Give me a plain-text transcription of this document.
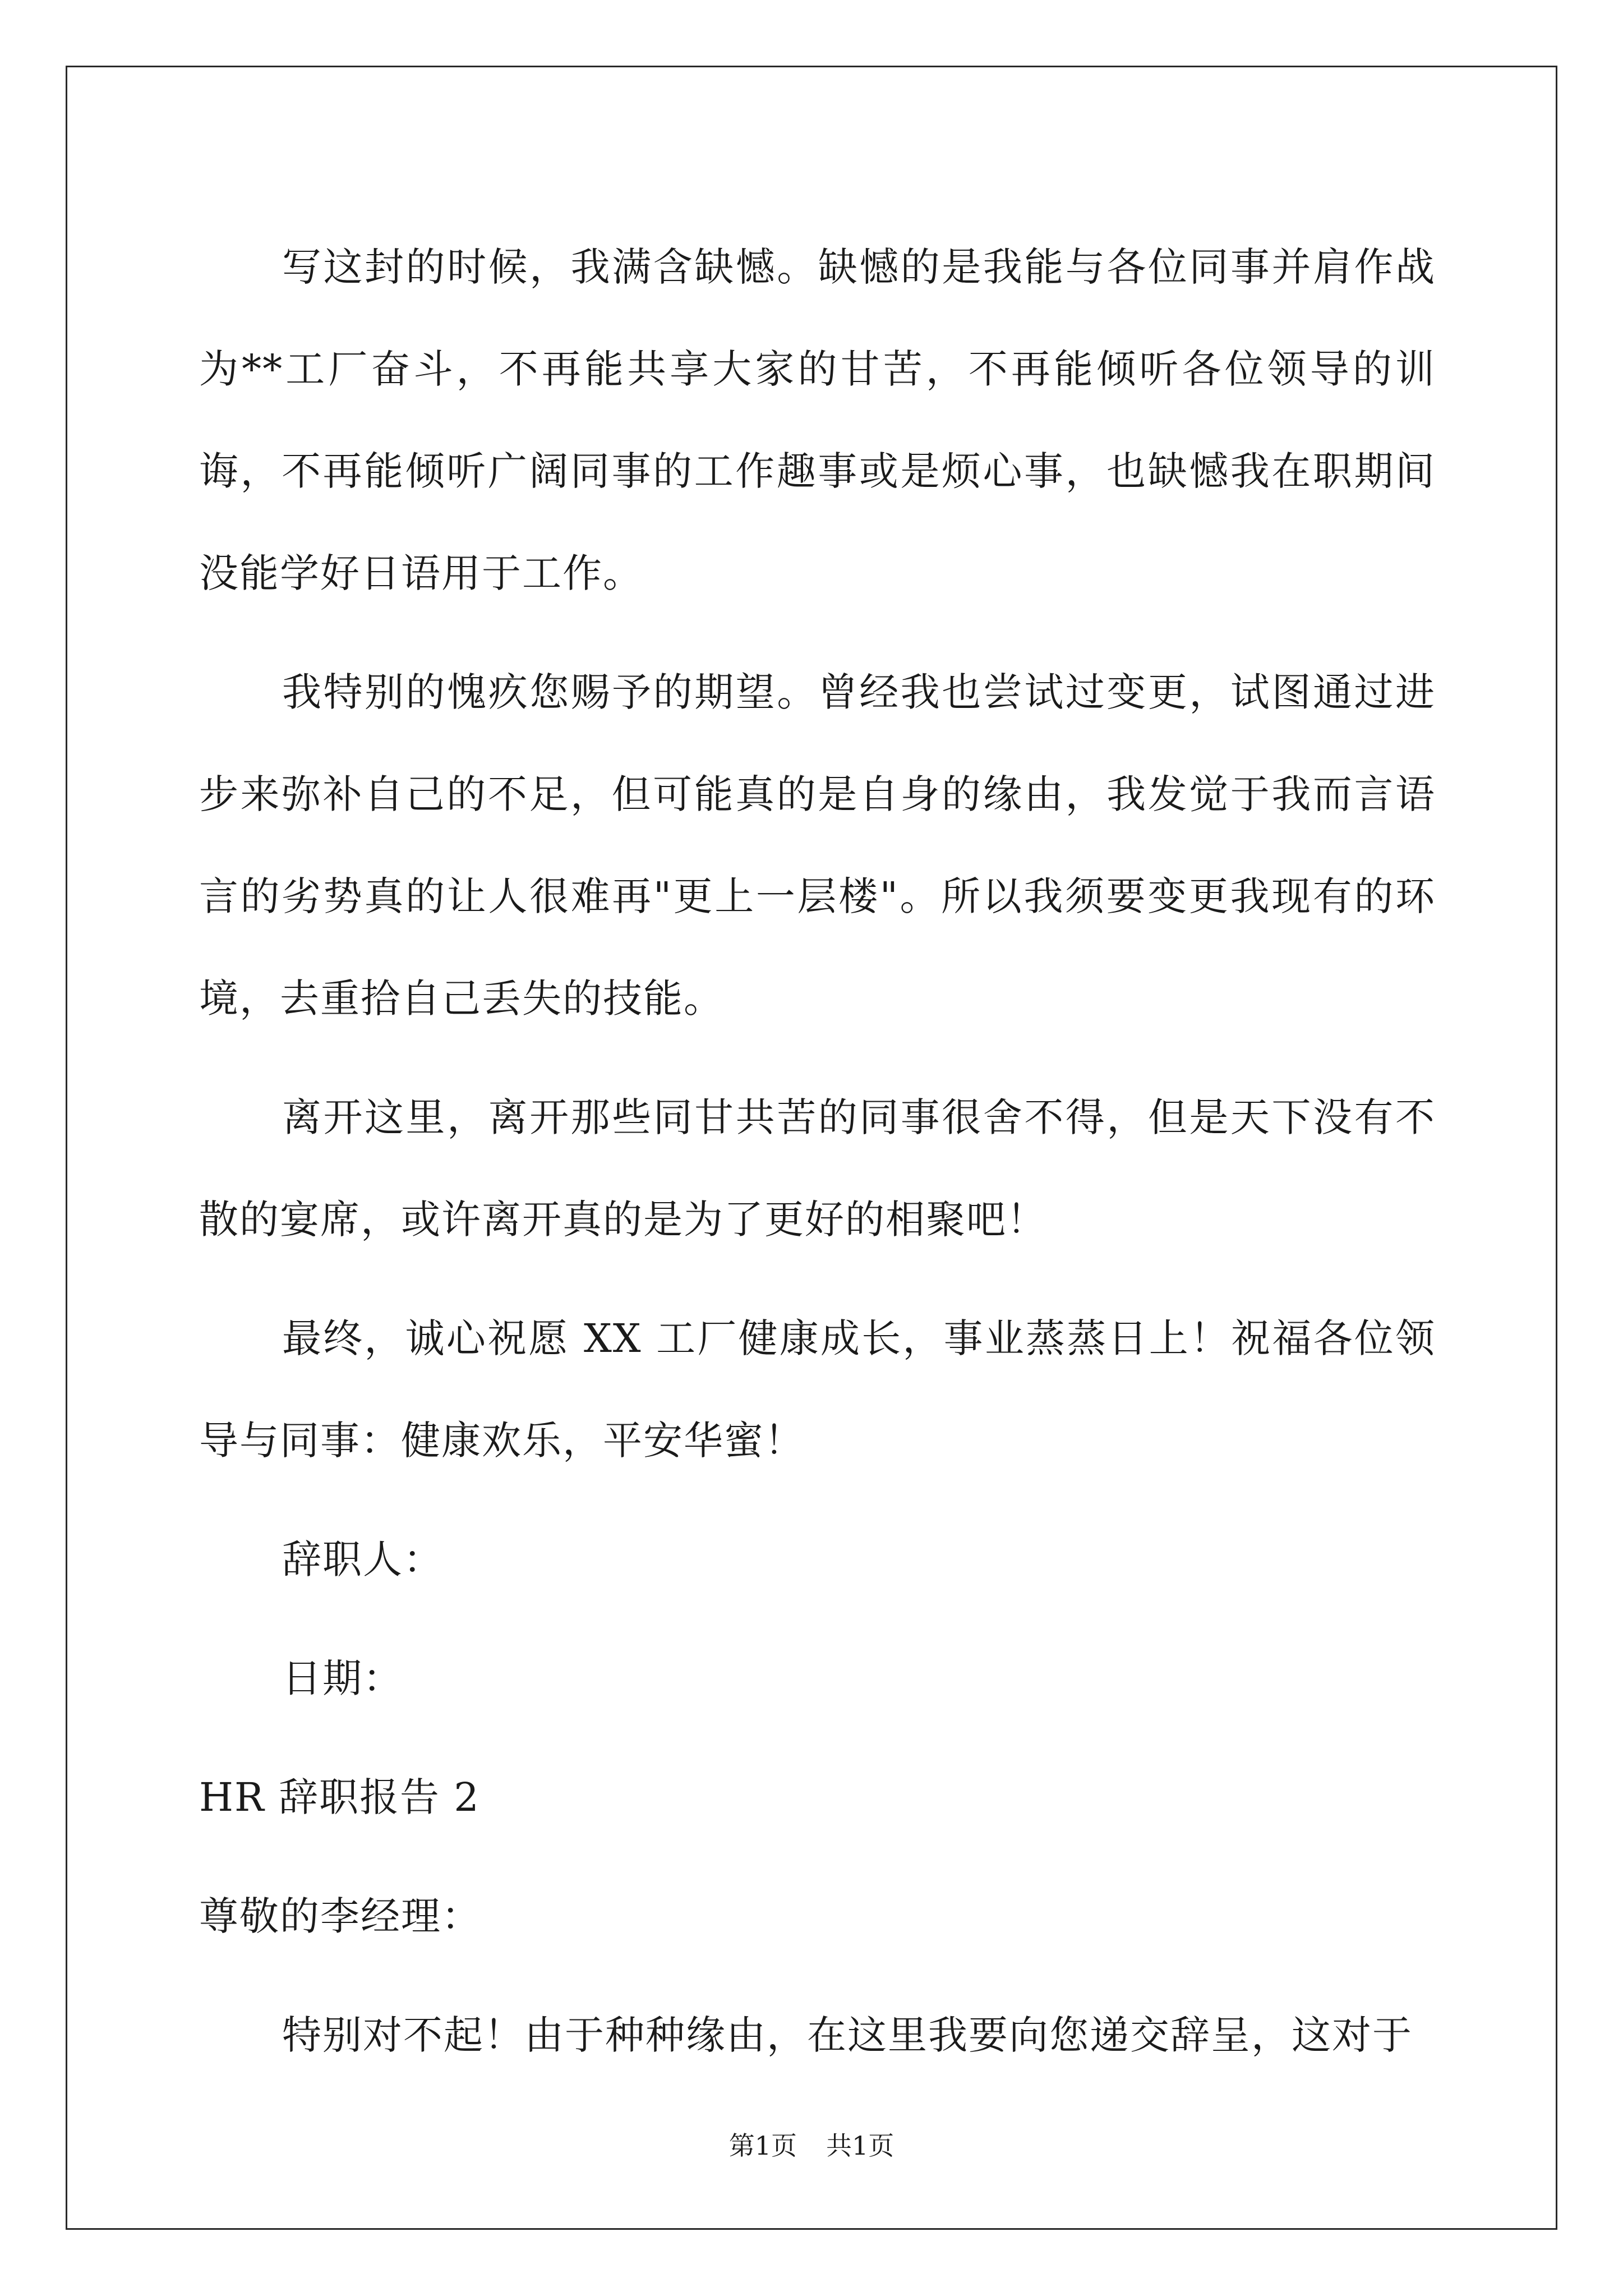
写这封的时候，我满含缺憾。缺憾的是我能与各位同事并肩作战为**工厂奋斗，不再能共享大家的甘苦，不再能倾听各位领导的训诲，不再能倾听广阔同事的工作趣事或是烦心事，也缺憾我在职期间没能学好日语用于工作。

我特别的愧疚您赐予的期望。曾经我也尝试过变更，试图通过进步来弥补自己的不足，但可能真的是自身的缘由，我发觉于我而言语言的劣势真的让人很难再"更上一层楼"。所以我须要变更我现有的环境，去重拾自己丢失的技能。

离开这里，离开那些同甘共苦的同事很舍不得，但是天下没有不散的宴席，或许离开真的是为了更好的相聚吧！

最终，诚心祝愿 XX 工厂健康成长，事业蒸蒸日上！祝福各位领导与同事：健康欢乐，平安华蜜！

辞职人：

日期：

HR 辞职报告 2

尊敬的李经理：

特别对不起！由于种种缘由，在这里我要向您递交辞呈，这对于

第1页 共1页
